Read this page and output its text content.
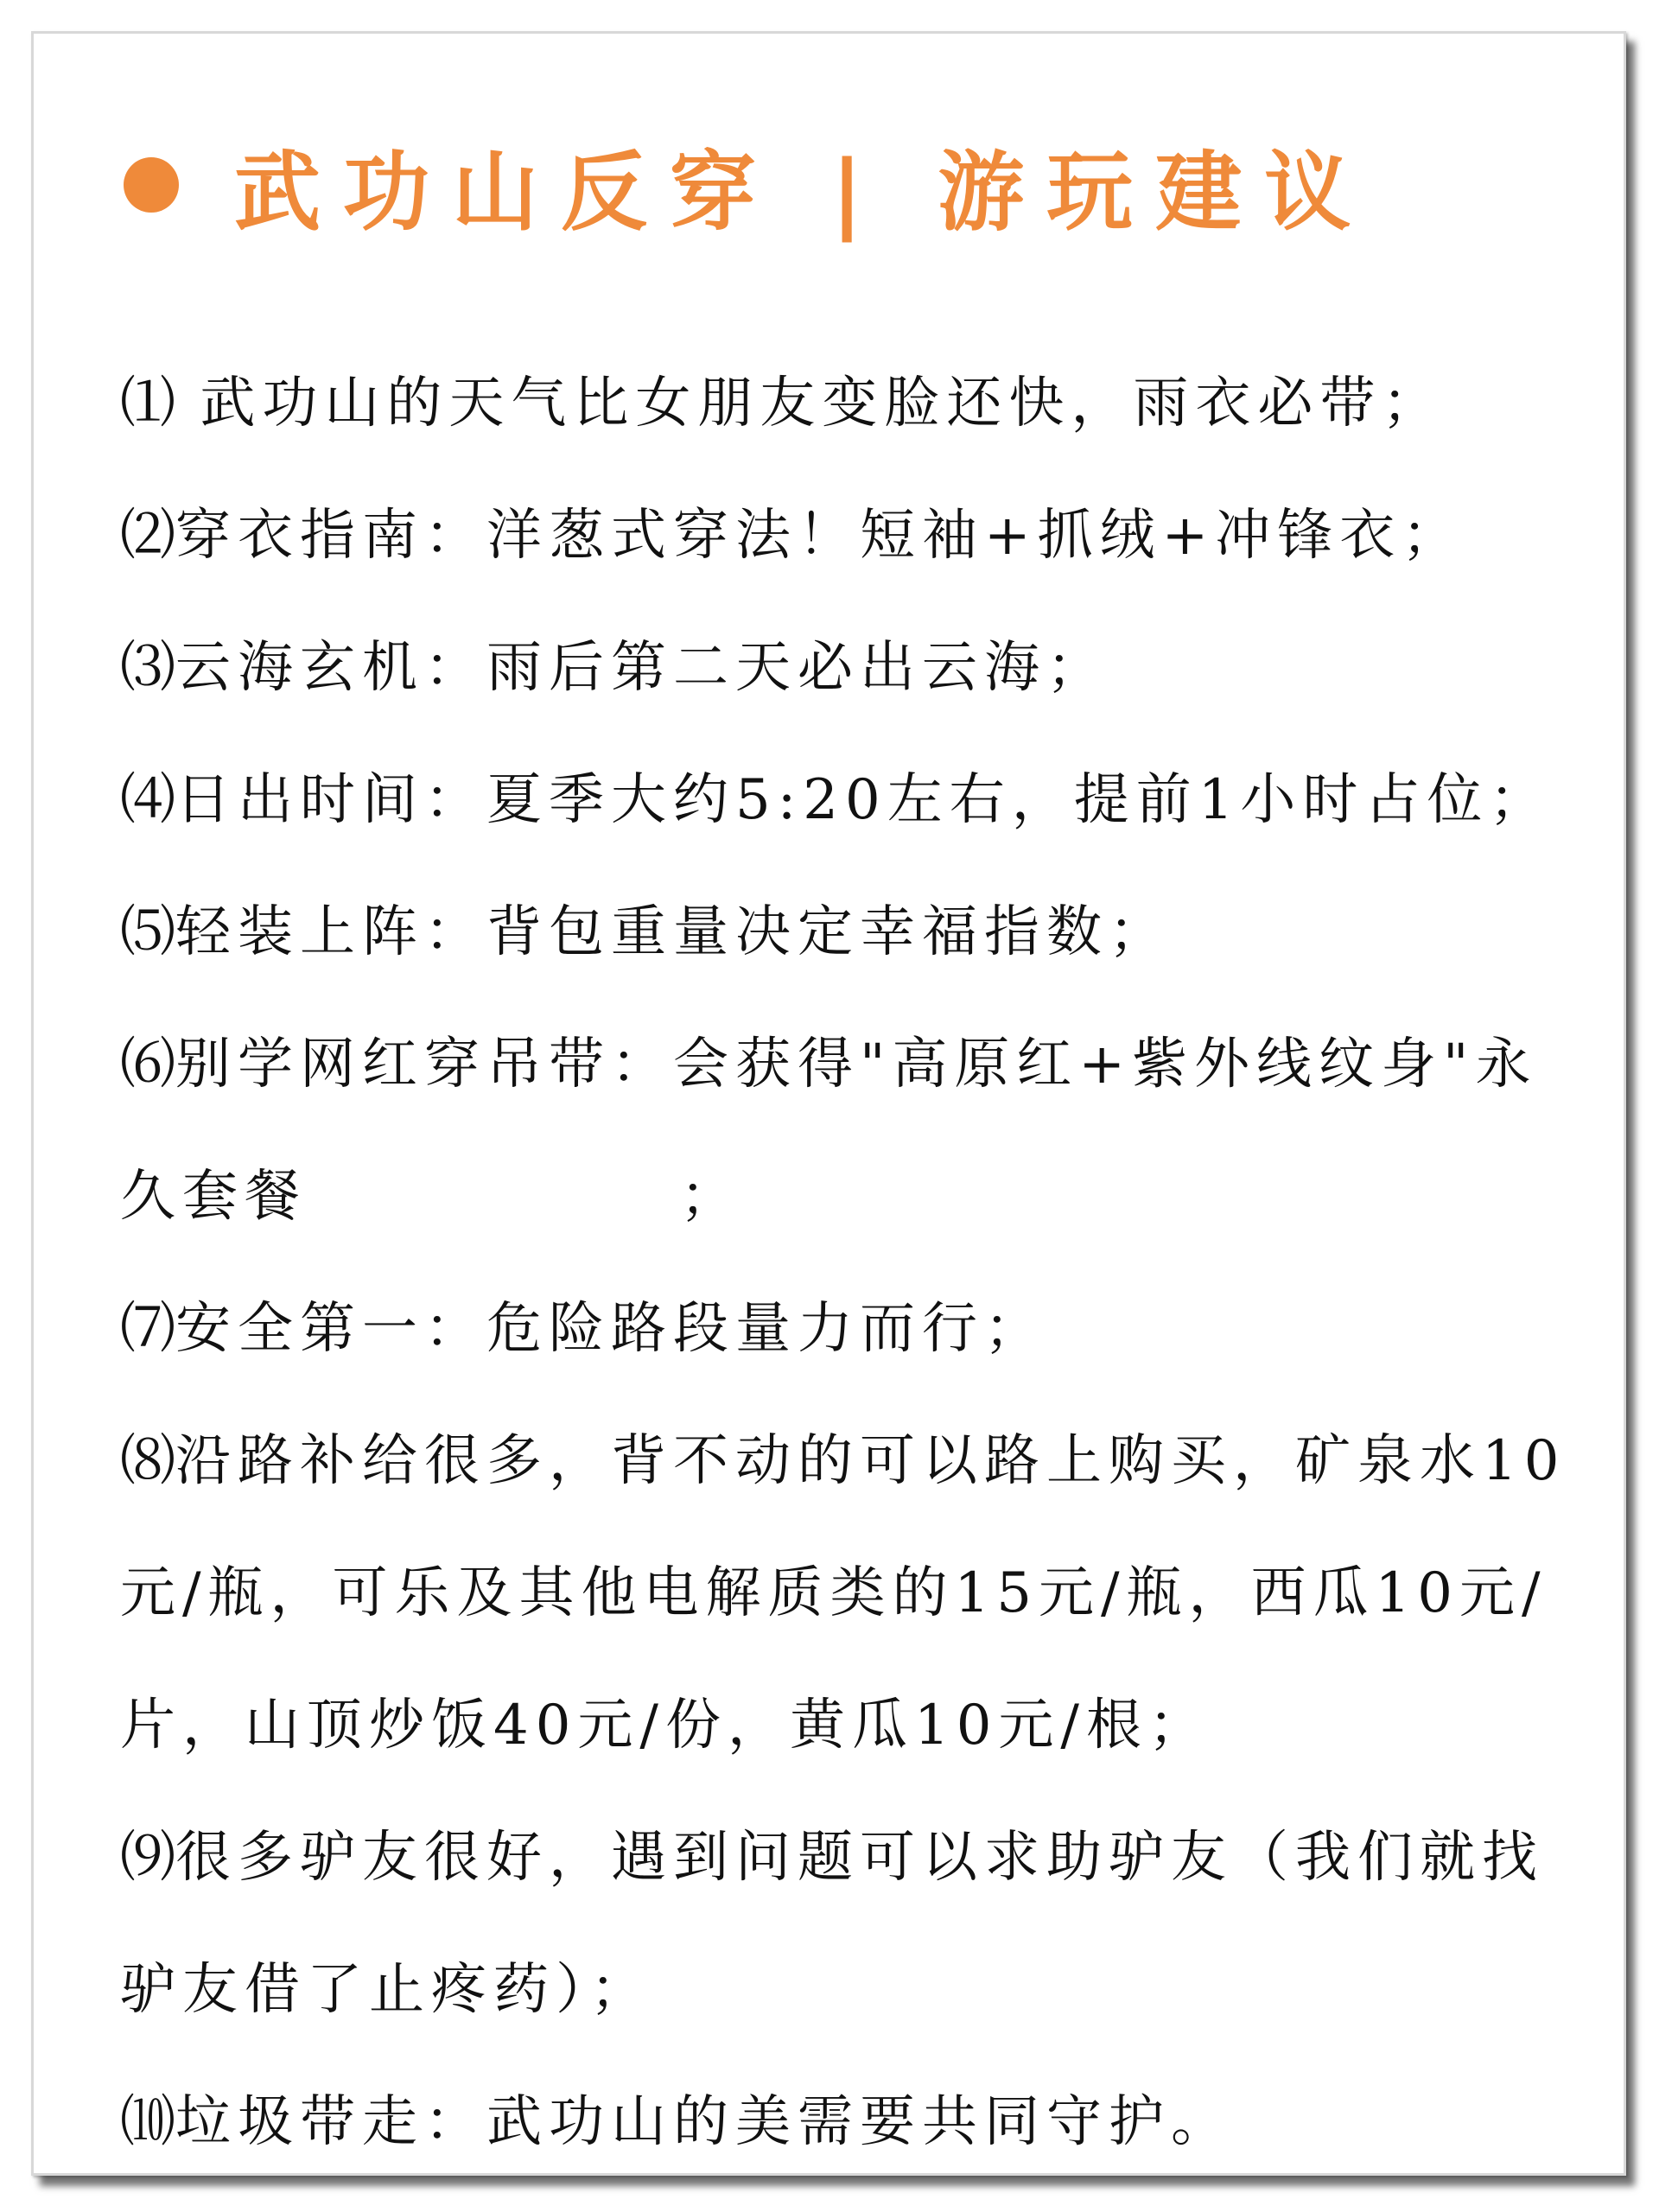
武功山反穿 | 游玩建议

⑴ 武功山的天气比女朋友变脸还快，雨衣必带；

⑵穿衣指南：洋葱式穿法！短袖+抓绒+冲锋衣；

⑶云海玄机：雨后第二天必出云海；

⑷日出时间：夏季大约5:20左右，提前1小时占位；

⑸轻装上阵：背包重量决定幸福指数；

⑹别学网红穿吊带：会获得"高原红+紫外线纹身"永久套餐　　　　　　；

⑺安全第一：危险路段量力而行；

⑻沿路补给很多，背不动的可以路上购买，矿泉水10元/瓶，可乐及其他电解质类的15元/瓶，西瓜10元/片，山顶炒饭40元/份，黄瓜10元/根；

⑼很多驴友很好，遇到问题可以求助驴友（我们就找驴友借了止疼药）；

⑽垃圾带走：武功山的美需要共同守护。
